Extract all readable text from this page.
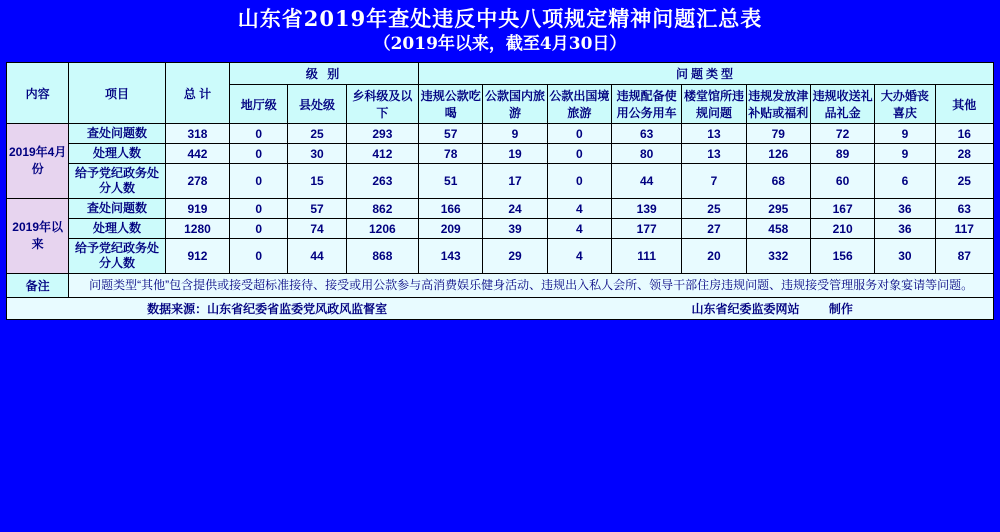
山东省2019年查处违反中央八项规定精神问题汇总表
（2019年以来，截至4月30日）
内容	项目	总 计	级 别			问题类型								
			地厅级	县处级	乡科级及以下	违规公款吃喝	公款国内旅游	公款出国境旅游	违规配备使用公务用车	楼堂馆所违规问题	违规发放津补贴或福利	违规收送礼品礼金	大办婚丧喜庆	其他
2019年4月份	查处问题数	318	0	25	293	57	9	0	63	13	79	72	9	16
	处理人数	442	0	30	412	78	19	0	80	13	126	89	9	28
	给予党纪政务处分人数	278	0	15	263	51	17	0	44	7	68	60	6	25
2019年以来	查处问题数	919	0	57	862	166	24	4	139	25	295	167	36	63
	处理人数	1280	0	74	1206	209	39	4	177	27	458	210	36	117
	给予党纪政务处分人数	912	0	44	868	143	29	4	111	20	332	156	30	87
备注	问题类型“其他”包含提供或接受超标准接待、接受或用公款参与高消费娱乐健身活动、违规出入私人会所、领导干部住房违规问题、违规接受管理服务对象宴请等问题。													

数据来源：山东省纪委省监委党风政风监督室 山东省纪委监委网站 制作														
